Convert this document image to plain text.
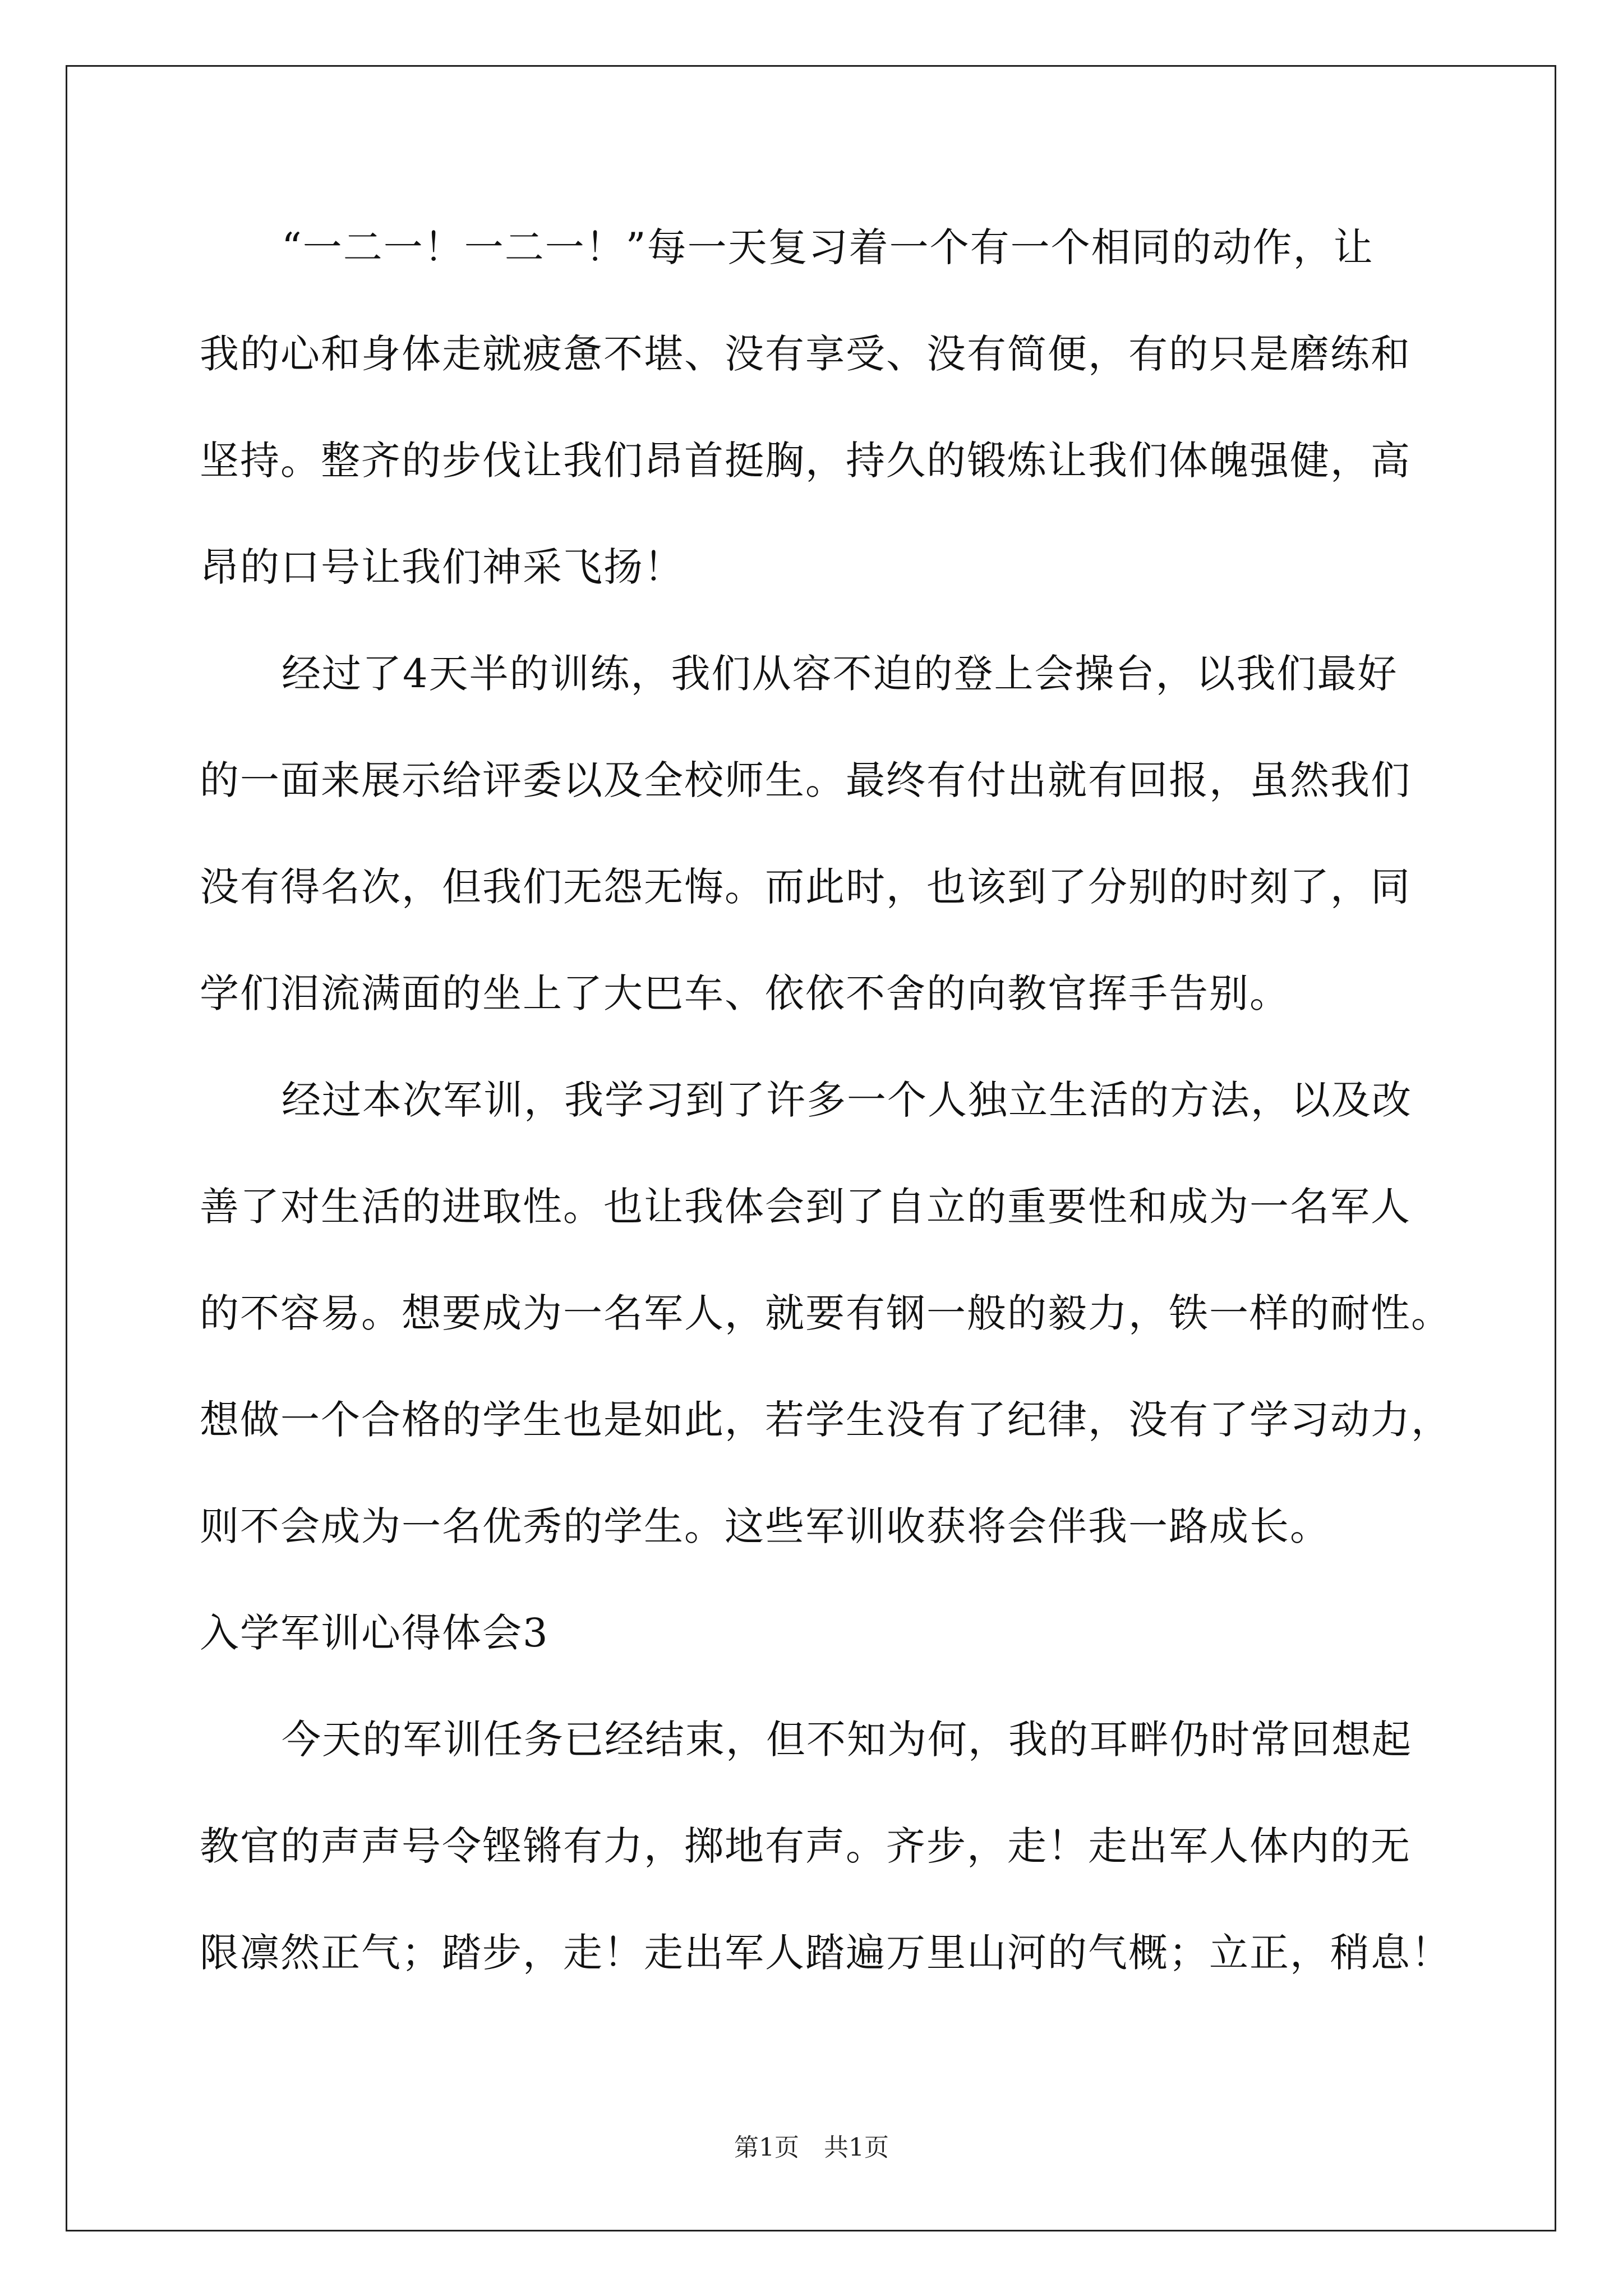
“一二一！一二一！”每一天复习着一个有一个相同的动作，让
我的心和身体走就疲惫不堪、没有享受、没有简便，有的只是磨练和
坚持。整齐的步伐让我们昂首挺胸，持久的锻炼让我们体魄强健，高
昂的口号让我们神采飞扬！
经过了4天半的训练，我们从容不迫的登上会操台，以我们最好
的一面来展示给评委以及全校师生。最终有付出就有回报，虽然我们
没有得名次，但我们无怨无悔。而此时，也该到了分别的时刻了，同
学们泪流满面的坐上了大巴车、依依不舍的向教官挥手告别。
经过本次军训，我学习到了许多一个人独立生活的方法，以及改
善了对生活的进取性。也让我体会到了自立的重要性和成为一名军人
的不容易。想要成为一名军人，就要有钢一般的毅力，铁一样的耐性。
想做一个合格的学生也是如此，若学生没有了纪律，没有了学习动力，
则不会成为一名优秀的学生。这些军训收获将会伴我一路成长。
入学军训心得体会3
今天的军训任务已经结束，但不知为何，我的耳畔仍时常回想起
教官的声声号令铿锵有力，掷地有声。齐步，走！走出军人体内的无
限凛然正气；踏步，走！走出军人踏遍万里山河的气概；立正，稍息！
第1页　共1页
